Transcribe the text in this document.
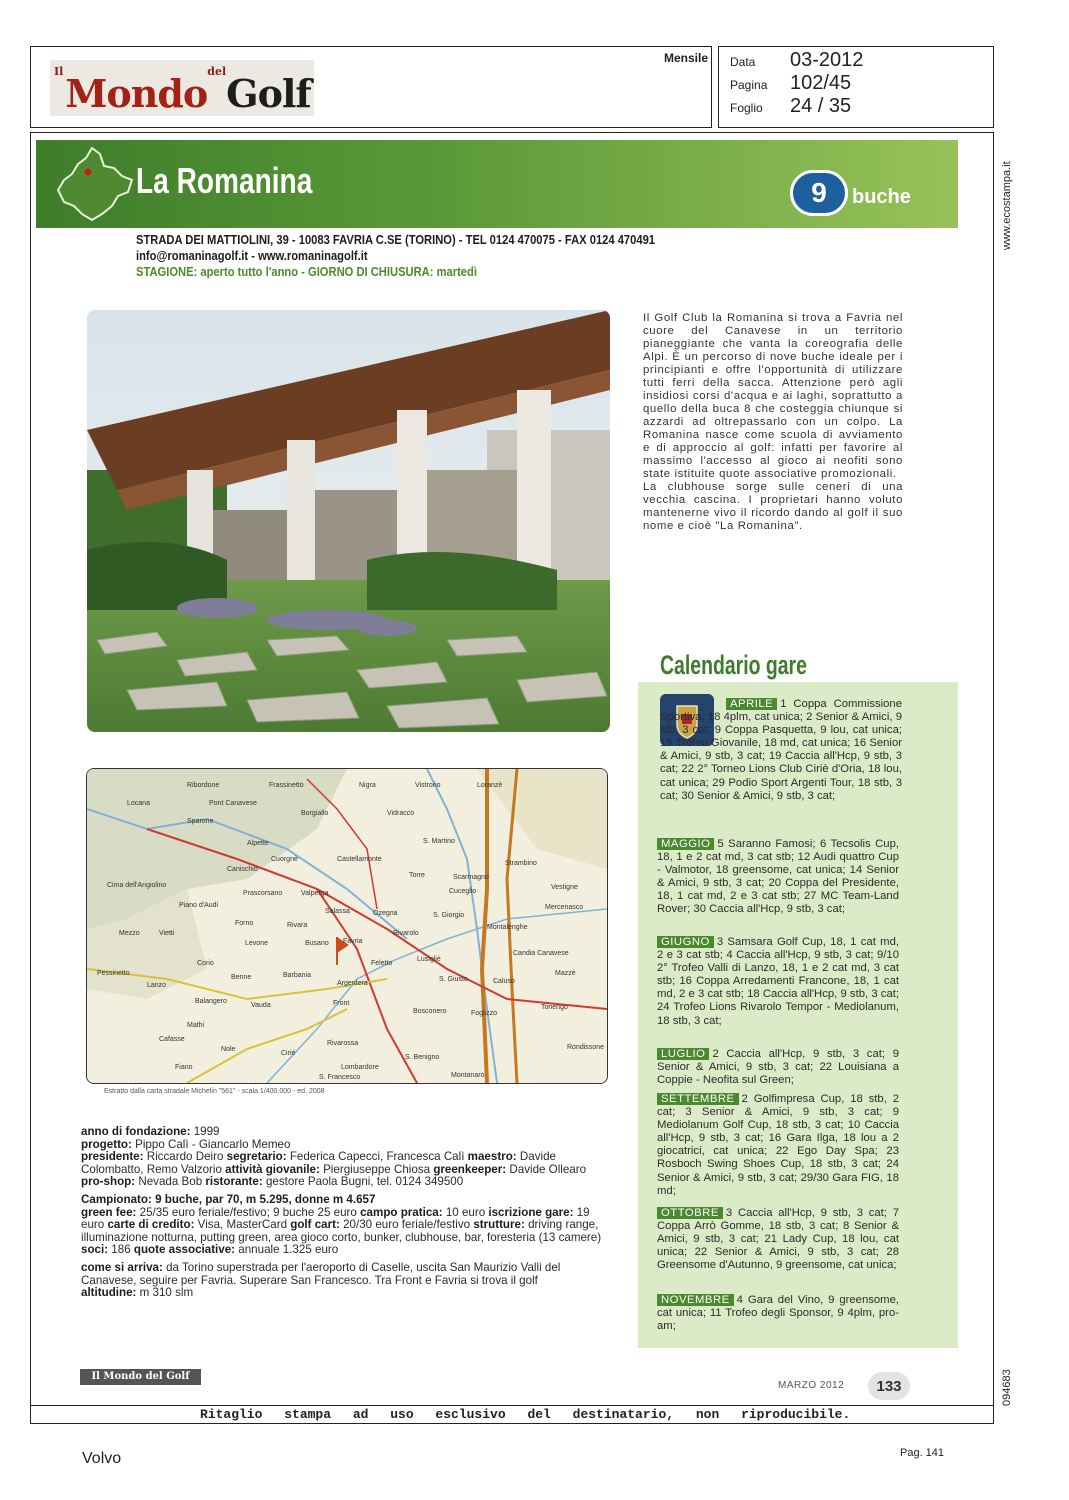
Il Mondo del Golf
Mensile Data 03-2012
Pagina 102/45
Foglio 24 / 35
www.ecostampa.it
094683
La Romanina	9	buche
STRADA DEI MATTIOLINI, 39 - 10083 FAVRIA C.SE (TORINO) - TEL 0124 470075 - FAX 0124 470491
info@romaninagolf.it - www.romaninagolf.it
STAGIONE: aperto tutto l'anno - GIORNO DI CHIUSURA: martedì

Il Golf Club la Romanina si trova a Favria nel cuore del Canavese in un territorio pianeggiante che vanta la coreografia delle Alpi. È un percorso di nove buche ideale per i principianti e offre l'opportunità di utilizzare tutti ferri della sacca. Attenzione però agli insidiosi corsi d'acqua e ai laghi, soprattutto a quello della buca 8 che costeggia chiunque si azzardi ad oltrepassarlo con un colpo. La Romanina nasce come scuola di avviamento e di approccio al golf: infatti per favorire al massimo l'accesso al gioco ai neofiti sono state istituite quote associative promozionali.

La clubhouse sorge sulle ceneri di una vecchia cascina. I proprietari hanno voluto mantenerne vivo il ricordo dando al golf il suo nome e cioè "La Romanina".

Ribordone	Frassinetto	Nigra	Vistrorio	Loranzè
Locana	Pont Canavese
Borgiallo	Vidracco
Sparone
Alpette
Cuorgnè	Castellamonte
S. Martino
Strambino
Cima dell'Angiolino
Canischio
Prascorsano	Valperga
Torre	Scarmagno
Cuceglio
Vestigne
Piano d'Audi
Forno	Rivara
Salassa	Ozegna	S. Giorgio
Mercenasco
Mezzo	Vietti
Levone	Busano Favria
Rivarolo
Montalenghe
Corio	Feletto
Lusigliè
Candia Canavese
Pessinetto
Benne	Barbania
Argentera
S. Giusto	Caluso
Mazzè
Lanzo
Balangero
Vauda	Front
Bosconero	Foglizzo
Tonengo
Mathi
Cafasse
Rivarossa
Nole
Cirié
Lombardore
S. Benigno
Rondissone
Fiano
S. Francesco	Montanaro
Estratto dalla carta stradale Michelin "561" - scala 1/400.000 - ed. 2008

anno di fondazione: 1999
progetto: Pippo Calì - Giancarlo Memeo
presidente: Riccardo Deiro segretario: Federica Capecci, Francesca Calì maestro: Davide Colombatto, Remo Valzorio attività giovanile: Piergiuseppe Chiosa greenkeeper: Davide Ollearo pro-shop: Nevada Bob ristorante: gestore Paola Bugni, tel. 0124 349500

Campionato: 9 buche, par 70, m 5.295, donne m 4.657
green fee: 25/35 euro feriale/festivo; 9 buche 25 euro campo pratica: 10 euro iscrizione gare: 19 euro carte di credito: Visa, MasterCard golf cart: 20/30 euro feriale/festivo strutture: driving range, illuminazione notturna, putting green, area gioco corto, bunker, clubhouse, bar, foresteria (13 camere) soci: 186 quote associative: annuale 1.325 euro

come si arriva: da Torino superstrada per l'aeroporto di Caselle, uscita San Maurizio Valli del Canavese, seguire per Favria. Superare San Francesco. Tra Front e Favria si trova il golf
altitudine: m 310 slm

Calendario gare
APRILE 1 Coppa Commissione Sportiva, 18 4plm, cat unica; 2 Senior & Amici, 9 stb, 3 cat; 9 Coppa Pasquetta, 9 lou, cat unica; 15 Trofeo Giovanile, 18 md, cat unica; 16 Senior & Amici, 9 stb, 3 cat; 19 Caccia all'Hcp, 9 stb, 3 cat; 22 2° Torneo Lions Club Ciriè d'Oria, 18 lou, cat unica; 29 Podio Sport Argenti Tour, 18 stb, 3 cat; 30 Senior & Amici, 9 stb, 3 cat;
MAGGIO 5 Saranno Famosi; 6 Tecsolis Cup, 18, 1 e 2 cat md, 3 cat stb; 12 Audi quattro Cup - Valmotor, 18 greensome, cat unica; 14 Senior & Amici, 9 stb, 3 cat; 20 Coppa del Presidente, 18, 1 cat md, 2 e 3 cat stb; 27 MC Team-Land Rover; 30 Caccia all'Hcp, 9 stb, 3 cat;
GIUGNO 3 Samsara Golf Cup, 18, 1 cat md, 2 e 3 cat stb; 4 Caccia all'Hcp, 9 stb, 3 cat; 9/10 2° Trofeo Valli di Lanzo, 18, 1 e 2 cat md, 3 cat stb; 16 Coppa Arredamenti Francone, 18, 1 cat md, 2 e 3 cat stb; 18 Caccia all'Hcp, 9 stb, 3 cat; 24 Trofeo Lions Rivarolo Tempor - Mediolanum, 18 stb, 3 cat;
LUGLIO 2 Caccia all'Hcp, 9 stb, 3 cat; 9 Senior & Amici, 9 stb, 3 cat; 22 Louisiana a Coppie - Neofita sul Green;
SETTEMBRE 2 Golfimpresa Cup, 18 stb, 2 cat; 3 Senior & Amici, 9 stb, 3 cat; 9 Mediolanum Golf Cup, 18 stb, 3 cat; 10 Caccia all'Hcp, 9 stb, 3 cat; 16 Gara Ilga, 18 lou a 2 giocatrici, cat unica; 22 Ego Day Spa; 23 Rosboch Swing Shoes Cup, 18 stb, 3 cat; 24 Senior & Amici, 9 stb, 3 cat; 29/30 Gara FIG, 18 md;
OTTOBRE 3 Caccia all'Hcp, 9 stb, 3 cat; 7 Coppa Arrò Gomme, 18 stb, 3 cat; 8 Senior & Amici, 9 stb, 3 cat; 21 Lady Cup, 18 lou, cat unica; 22 Senior & Amici, 9 stb, 3 cat; 28 Greensome d'Autunno, 9 greensome, cat unica;
NOVEMBRE 4 Gara del Vino, 9 greensome, cat unica; 11 Trofeo degli Sponsor, 9 4plm, pro-am;
Il Mondo del Golf
MARZO 2012	133
Ritaglio stampa ad uso esclusivo del destinatario, non riproducibile.
Volvo	Pag. 141
